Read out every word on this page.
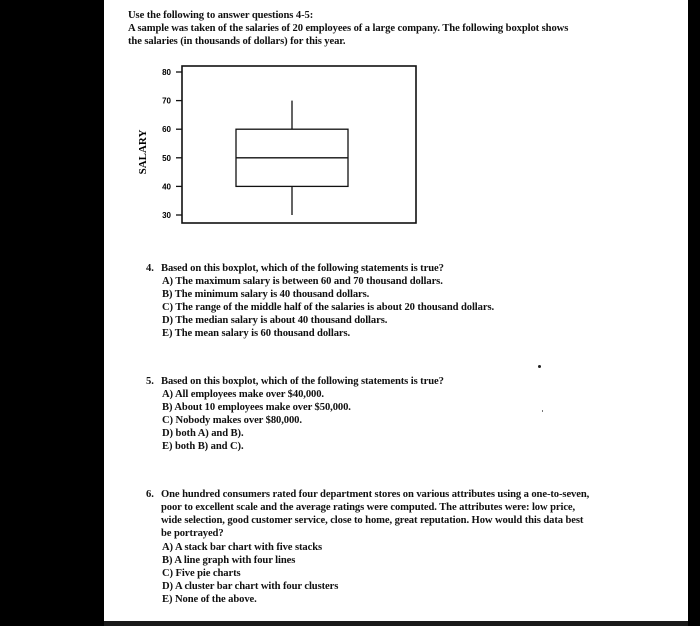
Use the following to answer questions 4-5:
A sample was taken of the salaries of 20 employees of a large company. The following boxplot shows
the salaries (in thousands of dollars) for this year.
30
40
50
60
70
80
SALARY
4. Based on this boxplot, which of the following statements is true?
A) The maximum salary is between 60 and 70 thousand dollars.
B) The minimum salary is 40 thousand dollars.
C) The range of the middle half of the salaries is about 20 thousand dollars.
D) The median salary is about 40 thousand dollars.
E) The mean salary is 60 thousand dollars.
5. Based on this boxplot, which of the following statements is true?
A) All employees make over $40,000.
B) About 10 employees make over $50,000.
C) Nobody makes over $80,000.
D) both A) and B).
E) both B) and C).
6. One hundred consumers rated four department stores on various attributes using a one-to-seven,
poor to excellent scale and the average ratings were computed. The attributes were: low price,
wide selection, good customer service, close to home, great reputation. How would this data best
be portrayed?
A) A stack bar chart with five stacks
B) A line graph with four lines
C) Five pie charts
D) A cluster bar chart with four clusters
E) None of the above.
